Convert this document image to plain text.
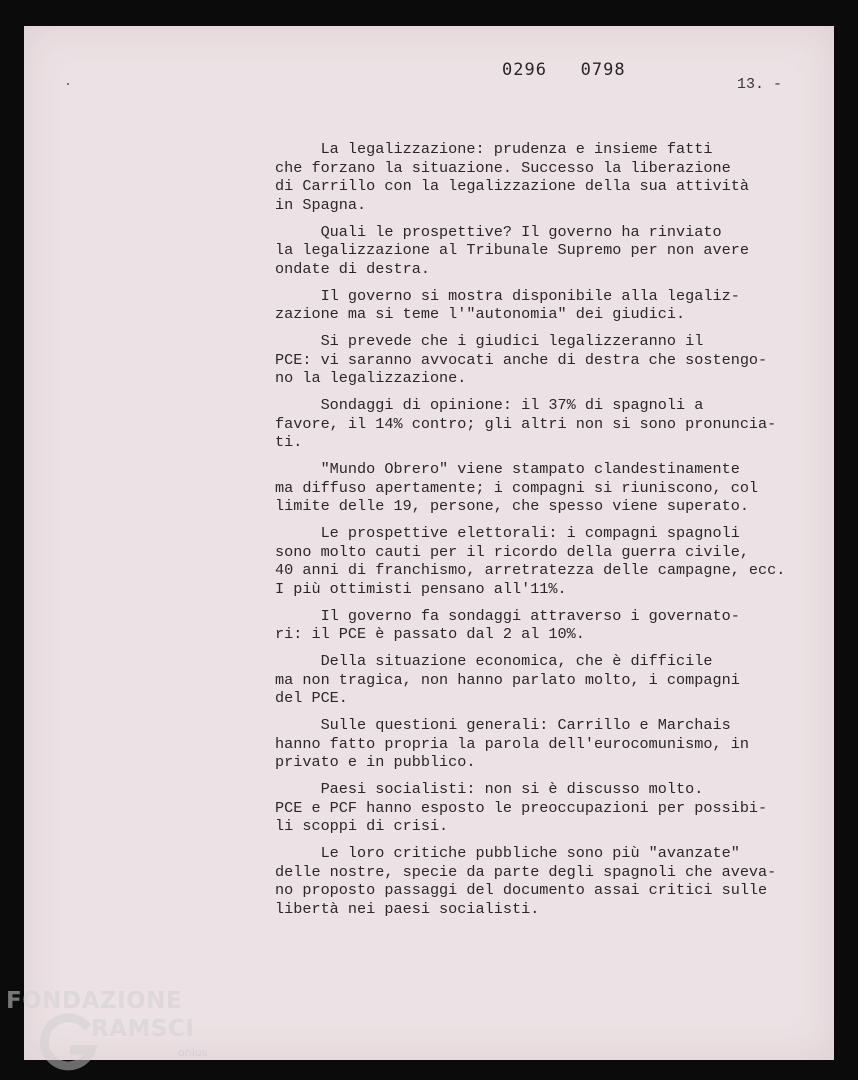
0296   0798
13. -
La legalizzazione: prudenza e insieme fatti
che forzano la situazione. Successo la liberazione
di Carrillo con la legalizzazione della sua attività
in Spagna.
Quali le prospettive? Il governo ha rinviato
la legalizzazione al Tribunale Supremo per non avere
ondate di destra.
Il governo si mostra disponibile alla legaliz-
zazione ma si teme l'"autonomia" dei giudici.
Si prevede che i giudici legalizzeranno il
PCE: vi saranno avvocati anche di destra che sostengo-
no la legalizzazione.
Sondaggi di opinione: il 37% di spagnoli a
favore, il 14% contro; gli altri non si sono pronuncia-
ti.
"Mundo Obrero" viene stampato clandestinamente
ma diffuso apertamente; i compagni si riuniscono, col
limite delle 19, persone, che spesso viene superato.
Le prospettive elettorali: i compagni spagnoli
sono molto cauti per il ricordo della guerra civile,
40 anni di franchismo, arretratezza delle campagne, ecc.
I più ottimisti pensano all'11%.
Il governo fa sondaggi attraverso i governato-
ri: il PCE è passato dal 2 al 10%.
Della situazione economica, che è difficile
ma non tragica, non hanno parlato molto, i compagni
del PCE.
Sulle questioni generali: Carrillo e Marchais
hanno fatto propria la parola dell'eurocomunismo, in
privato e in pubblico.
Paesi socialisti: non si è discusso molto.
PCE e PCF hanno esposto le preoccupazioni per possibi-
li scoppi di crisi.
Le loro critiche pubbliche sono più "avanzate"
delle nostre, specie da parte degli spagnoli che aveva-
no proposto passaggi del documento assai critici sulle
libertà nei paesi socialisti.
FONDAZIONE
RAMSCI
onlus
